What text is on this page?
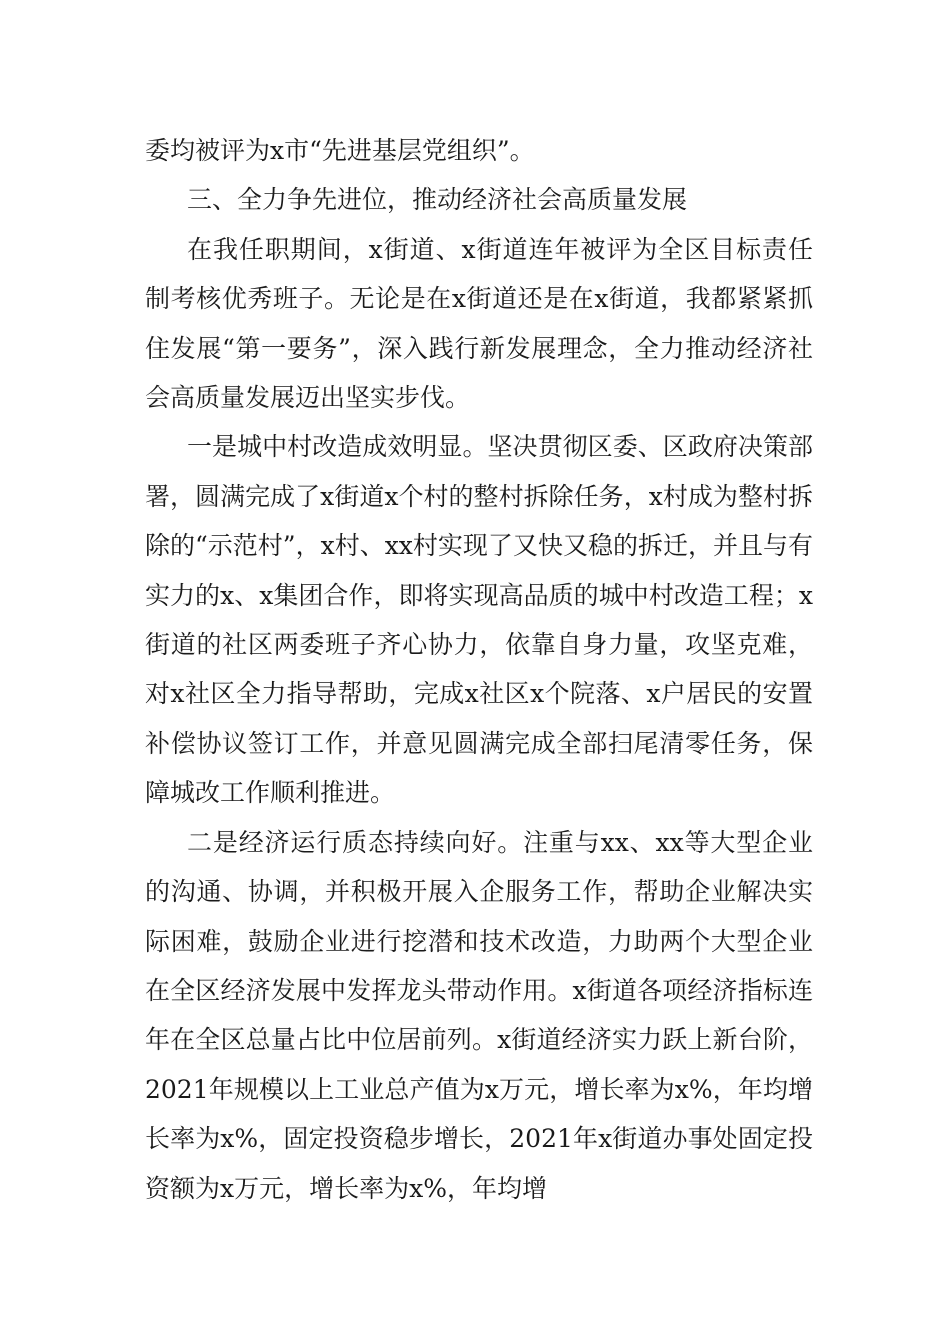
委均被评为x市“先进基层党组织”。

三、全力争先进位，推动经济社会高质量发展

在我任职期间，x街道、x街道连年被评为全区目标责任制考核优秀班子。无论是在x街道还是在x街道，我都紧紧抓住发展“第一要务”，深入践行新发展理念，全力推动经济社会高质量发展迈出坚实步伐。

一是城中村改造成效明显。坚决贯彻区委、区政府决策部署，圆满完成了x街道x个村的整村拆除任务，x村成为整村拆除的“示范村”，x村、xx村实现了又快又稳的拆迁，并且与有实力的x、x集团合作，即将实现高品质的城中村改造工程；x街道的社区两委班子齐心协力，依靠自身力量，攻坚克难，对x社区全力指导帮助，完成x社区x个院落、x户居民的安置补偿协议签订工作，并意见圆满完成全部扫尾清零任务，保障城改工作顺利推进。

二是经济运行质态持续向好。注重与xx、xx等大型企业的沟通、协调，并积极开展入企服务工作，帮助企业解决实际困难，鼓励企业进行挖潜和技术改造，力助两个大型企业在全区经济发展中发挥龙头带动作用。x街道各项经济指标连年在全区总量占比中位居前列。x街道经济实力跃上新台阶，2021年规模以上工业总产值为x万元，增长率为x%，年均增长率为x%，固定投资稳步增长，2021年x街道办事处固定投资额为x万元，增长率为x%，年均增
